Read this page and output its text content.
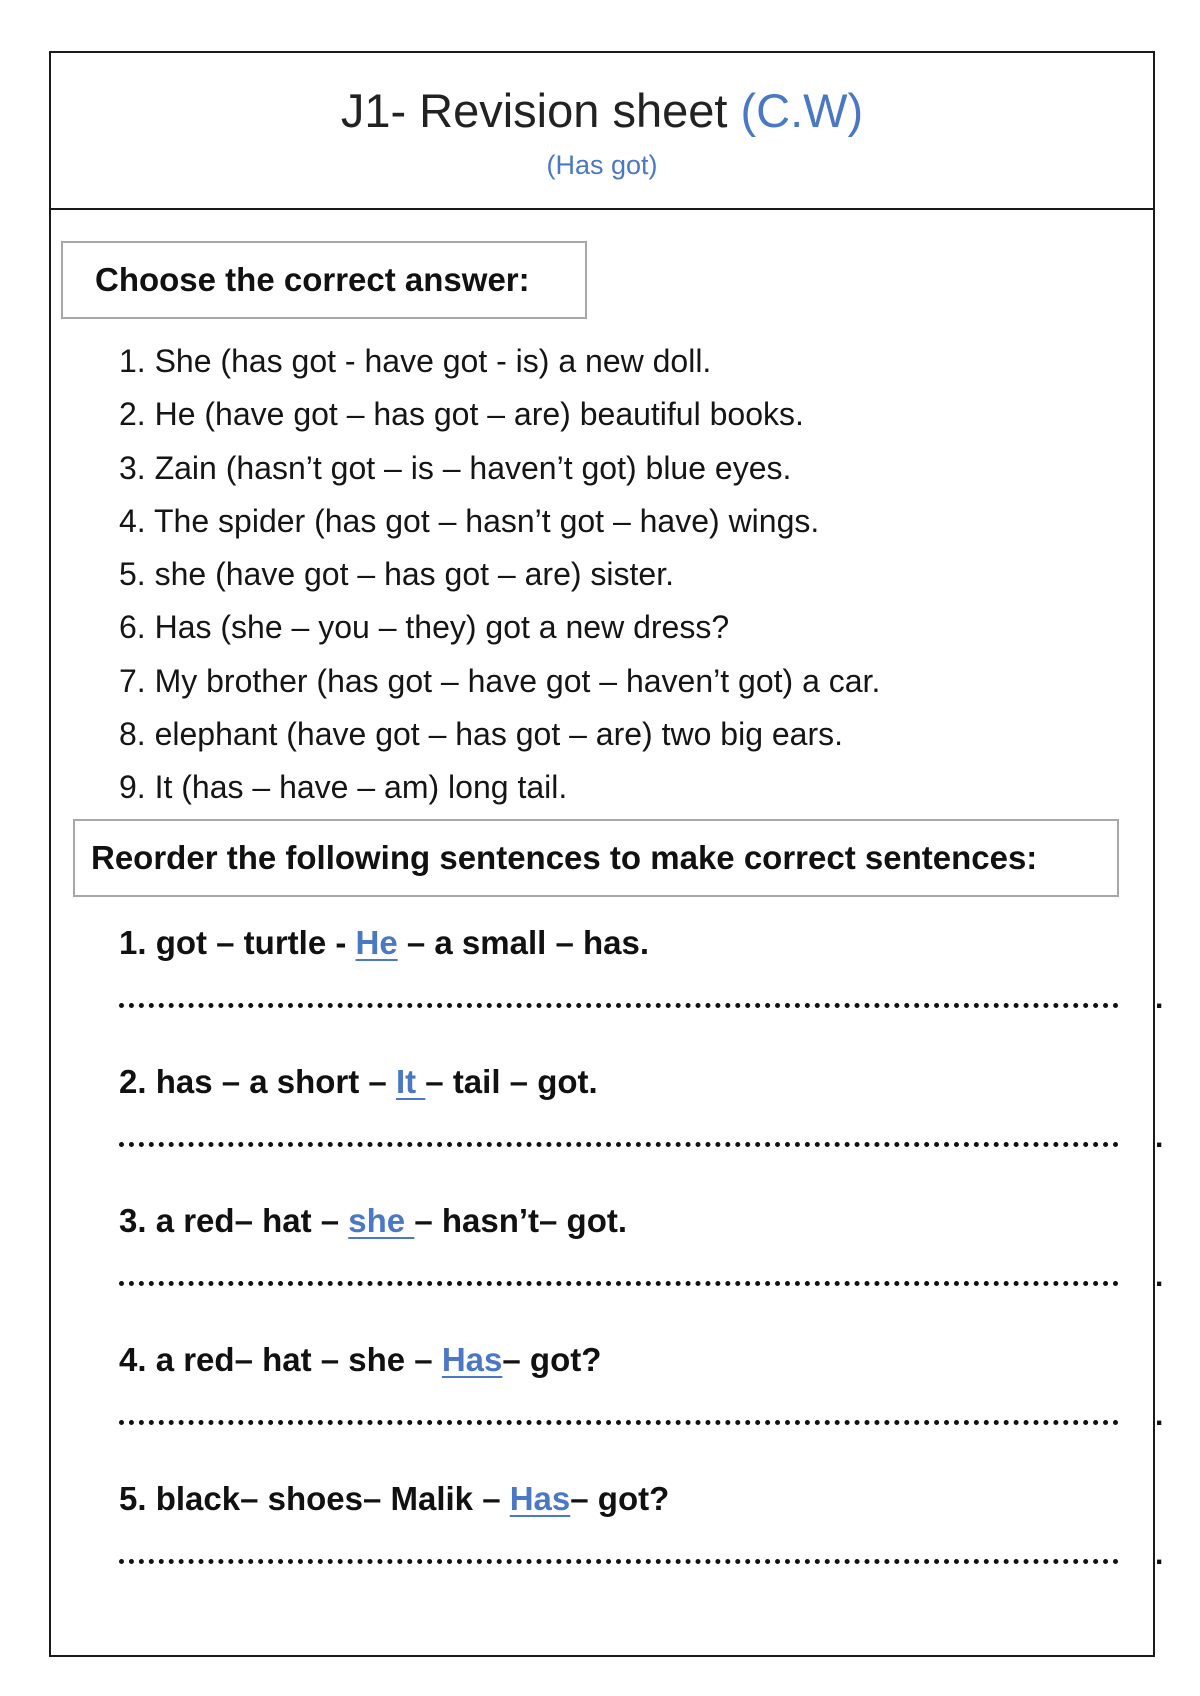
J1- Revision sheet (C.W)
(Has got)
Choose the correct answer:
1. She (has got - have got - is) a new doll.
2. He (have got – has got – are) beautiful books.
3. Zain (hasn’t got – is – haven’t got) blue eyes.
4. The spider (has got – hasn’t got – have) wings.
5. she (have got – has got – are) sister.
6. Has (she – you – they) got a new dress?
7. My brother (has got – have got – haven’t got) a car.
8. elephant (have got – has got – are) two big ears.
9. It (has – have – am) long tail.
Reorder the following sentences to make correct sentences:
1. got – turtle - He – a small – has.
.
2. has – a short – It – tail – got.
.
3. a red– hat – she – hasn’t– got.
.
4. a red– hat – she – Has– got?
.
5. black– shoes– Malik – Has– got?
.
